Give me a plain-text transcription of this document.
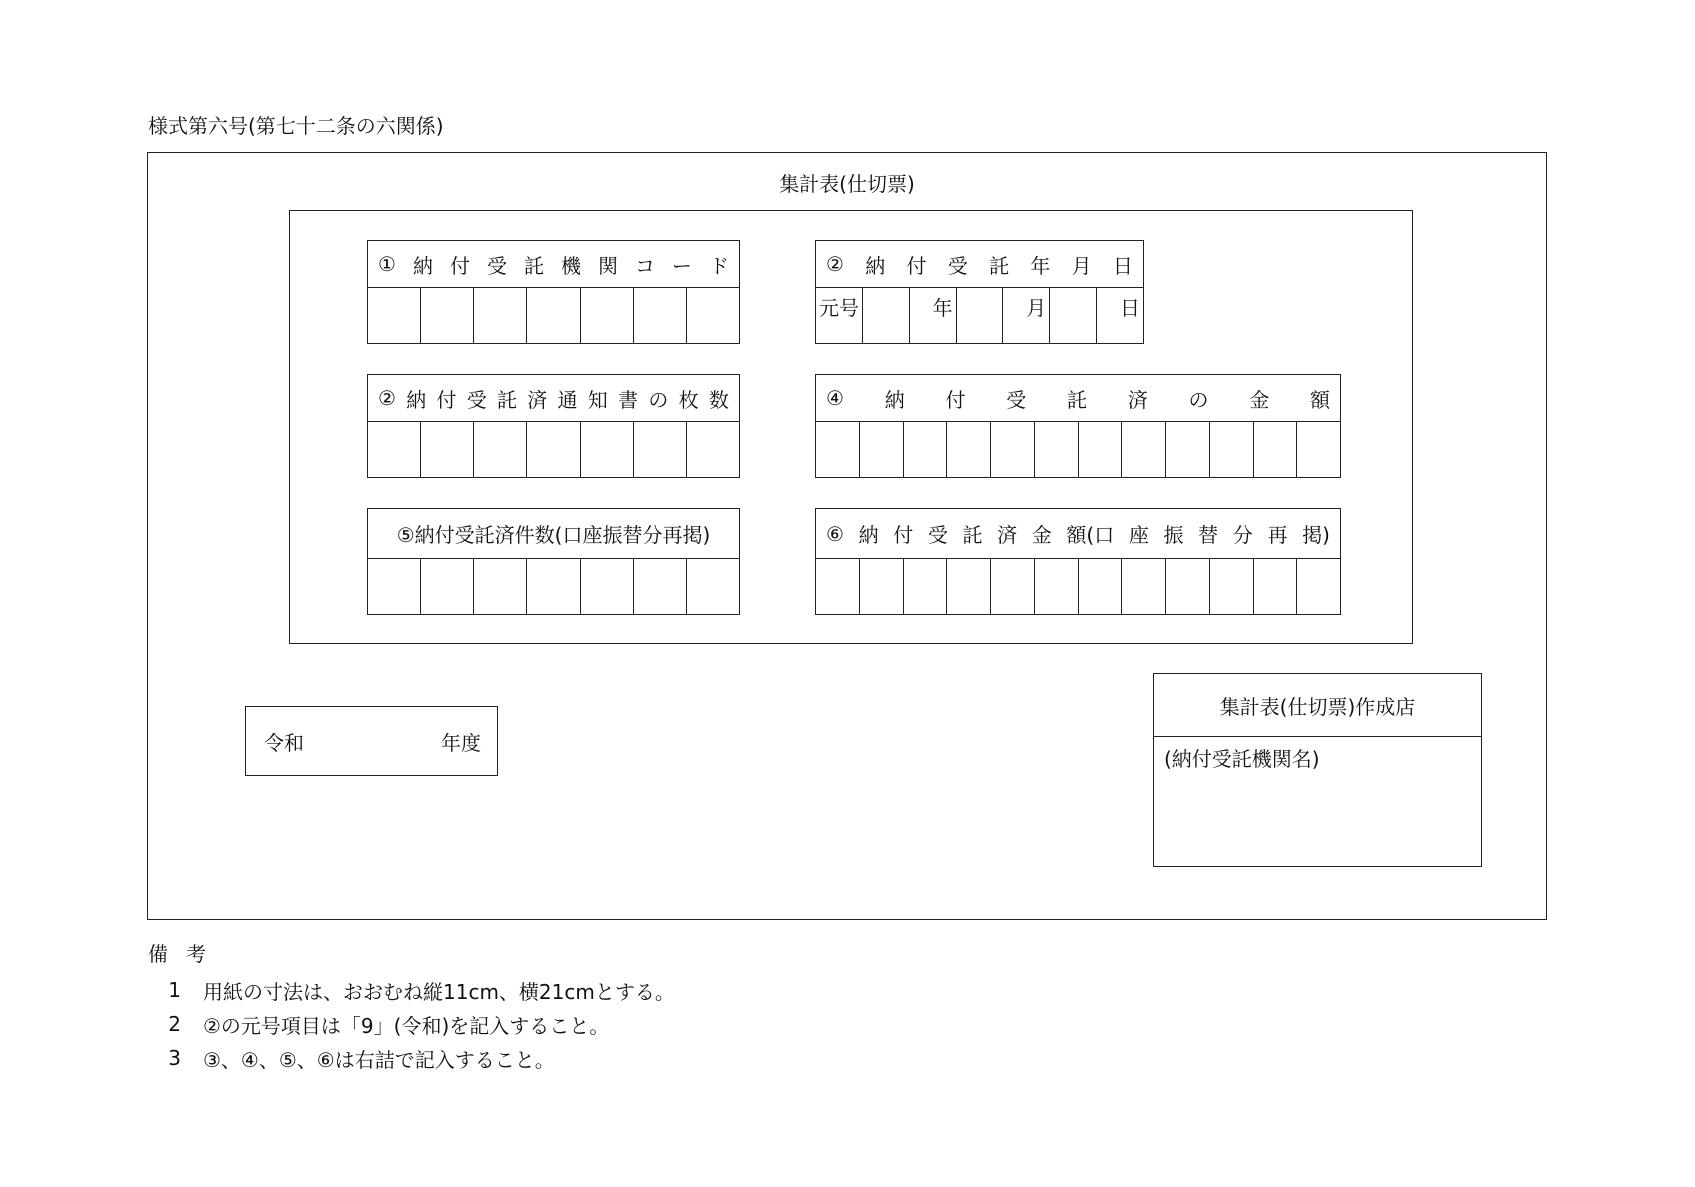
様式第六号(第七十二条の六関係)
集計表(仕切票)
① 納 付 受 託 機 関 コ ー ド	② 納 付 受 託 年 月 日
元号	年	月	日
② 納 付 受 託 済 通 知 書 の 枚 数	④ 納 付 受 託 済 の 金 額
⑤納付受託済件数(口座振替分再掲)	⑥ 納 付 受 託 済 金 額(口 座 振 替 分 再 掲)
令和	年度
集計表(仕切票)作成店
(納付受託機関名)
備考
1	用紙の寸法は、おおむね縦11cm、横21cmとする。
2	②の元号項目は「9」(令和)を記入すること。
3	③、④、⑤、⑥は右詰で記入すること。
